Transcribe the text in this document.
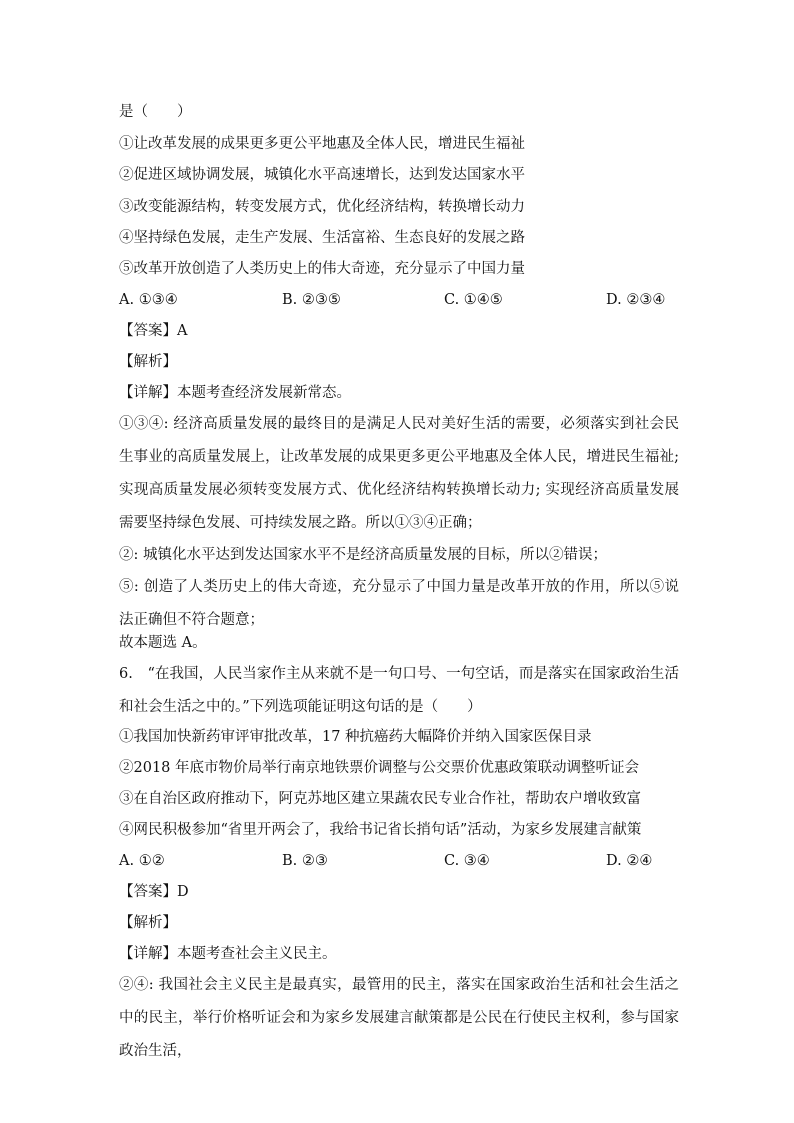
是（　　）
①让改革发展的成果更多更公平地惠及全体人民，增进民生福祉
②促进区域协调发展，城镇化水平高速增长，达到发达国家水平
③改变能源结构，转变发展方式，优化经济结构，转换增长动力
④坚持绿色发展，走生产发展、生活富裕、生态良好的发展之路
⑤改革开放创造了人类历史上的伟大奇迹，充分显示了中国力量
A. ①③④	B. ②③⑤	C. ①④⑤	D. ②③④
【答案】A
【解析】
【详解】本题考查经济发展新常态。
①③④: 经济高质量发展的最终目的是满足人民对美好生活的需要，必须落实到社会民生事业的高质量发展上，让改革发展的成果更多更公平地惠及全体人民，增进民生福祉; 实现高质量发展必须转变发展方式、优化经济结构转换增长动力; 实现经济高质量发展需要坚持绿色发展、可持续发展之路。所以①③④正确；
②: 城镇化水平达到发达国家水平不是经济高质量发展的目标，所以②错误；
⑤: 创造了人类历史上的伟大奇迹，充分显示了中国力量是改革开放的作用，所以⑤说法正确但不符合题意；
故本题选 A。
6.　“在我国，人民当家作主从来就不是一句口号、一句空话，而是落实在国家政治生活和社会生活之中的。”下列选项能证明这句话的是（　　）
①我国加快新药审评审批改革，17 种抗癌药大幅降价并纳入国家医保目录
②2018 年底市物价局举行南京地铁票价调整与公交票价优惠政策联动调整听证会
③在自治区政府推动下，阿克苏地区建立果蔬农民专业合作社，帮助农户增收致富
④网民积极参加“省里开两会了，我给书记省长捎句话”活动，为家乡发展建言献策
A. ①②	B. ②③	C. ③④	D. ②④
【答案】D
【解析】
【详解】本题考查社会主义民主。
②④: 我国社会主义民主是最真实，最管用的民主，落实在国家政治生活和社会生活之中的民主，举行价格听证会和为家乡发展建言献策都是公民在行使民主权利，参与国家政治生活，
